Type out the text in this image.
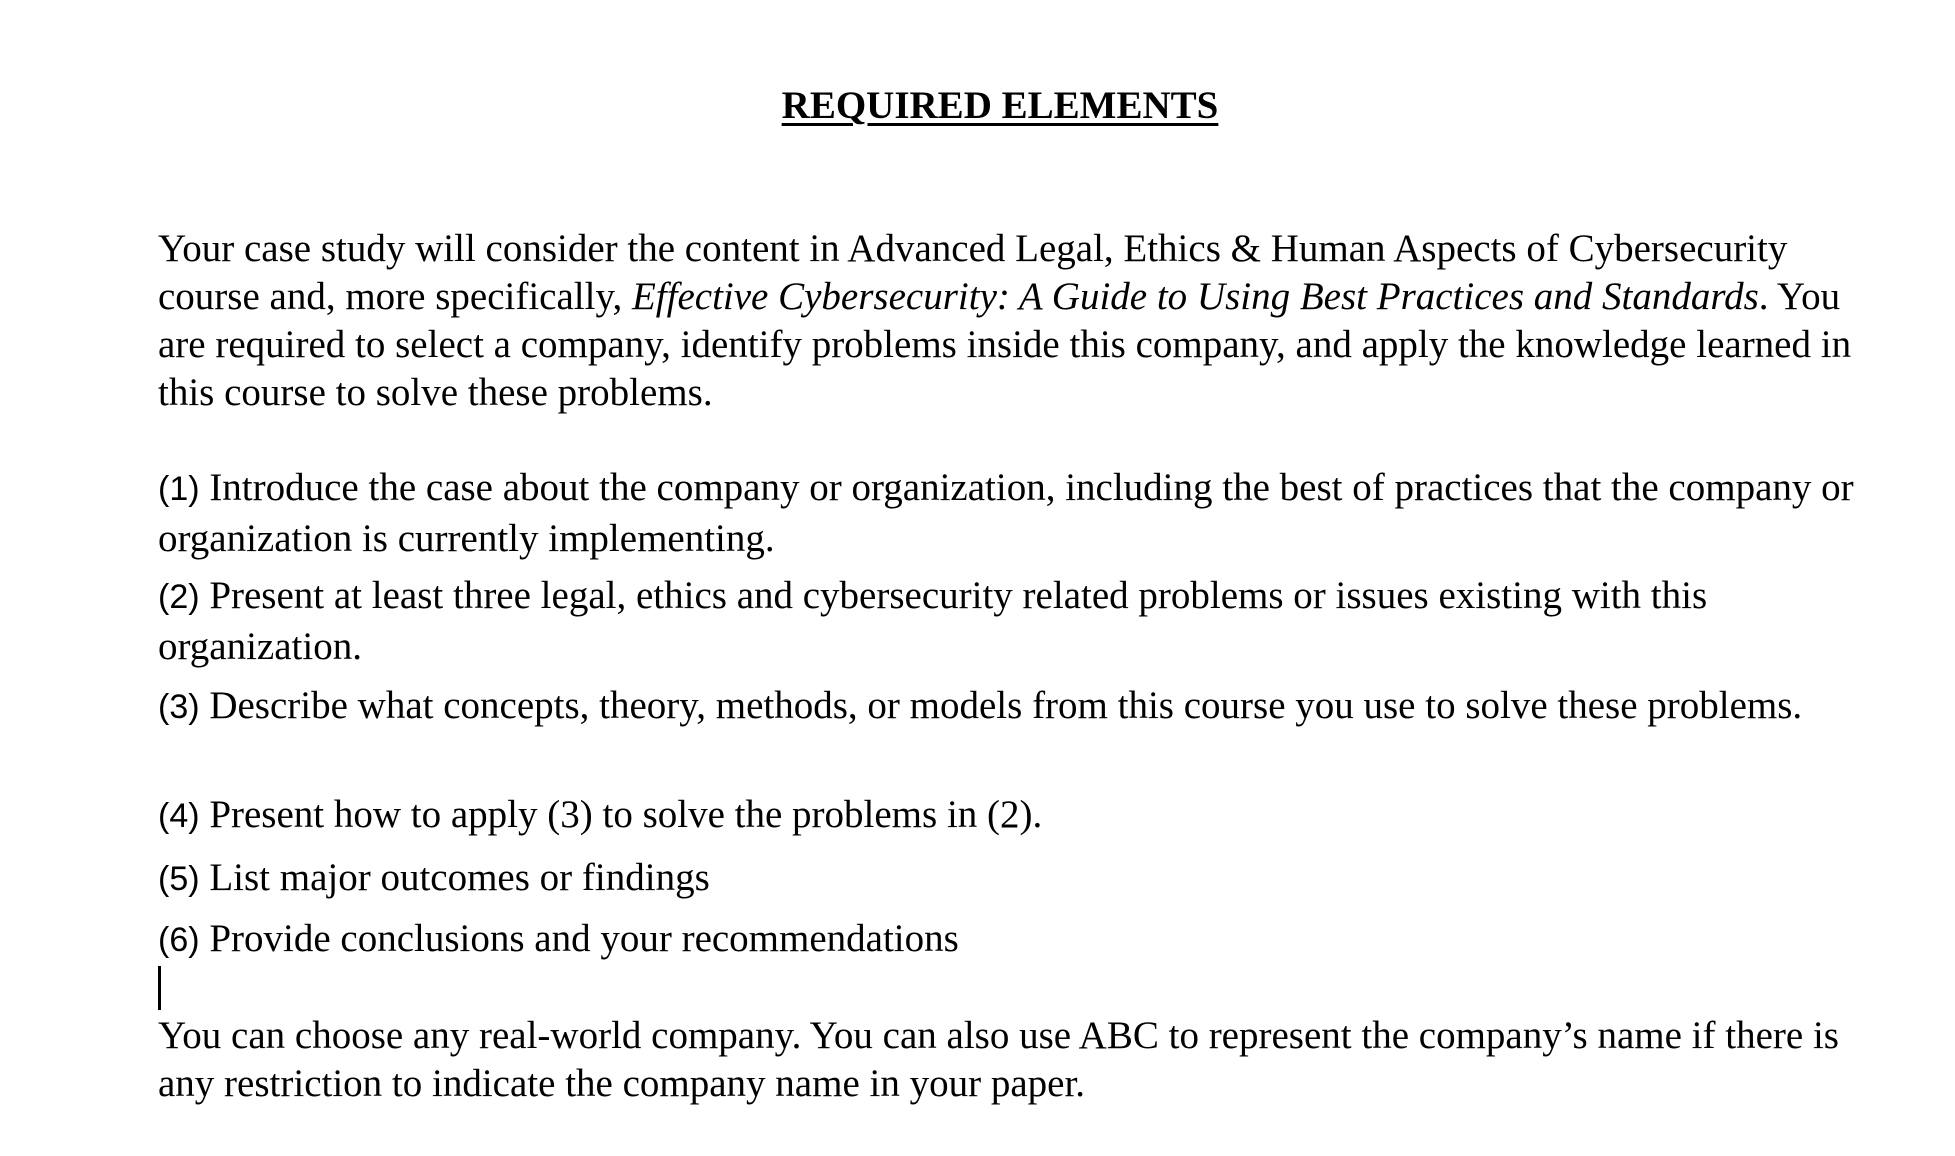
REQUIRED ELEMENTS
Your case study will consider the content in Advanced Legal, Ethics & Human Aspects of Cybersecurity course and, more specifically, Effective Cybersecurity: A Guide to Using Best Practices and Standards. You are required to select a company, identify problems inside this company, and apply the knowledge learned in this course to solve these problems.
(1) Introduce the case about the company or organization, including the best of practices that the company or organization is currently implementing.
(2) Present at least three legal, ethics and cybersecurity related problems or issues existing with this organization.
(3) Describe what concepts, theory, methods, or models from this course you use to solve these problems.
(4) Present how to apply (3) to solve the problems in (2).
(5) List major outcomes or findings
(6) Provide conclusions and your recommendations
You can choose any real-world company. You can also use ABC to represent the company’s name if there is any restriction to indicate the company name in your paper.
